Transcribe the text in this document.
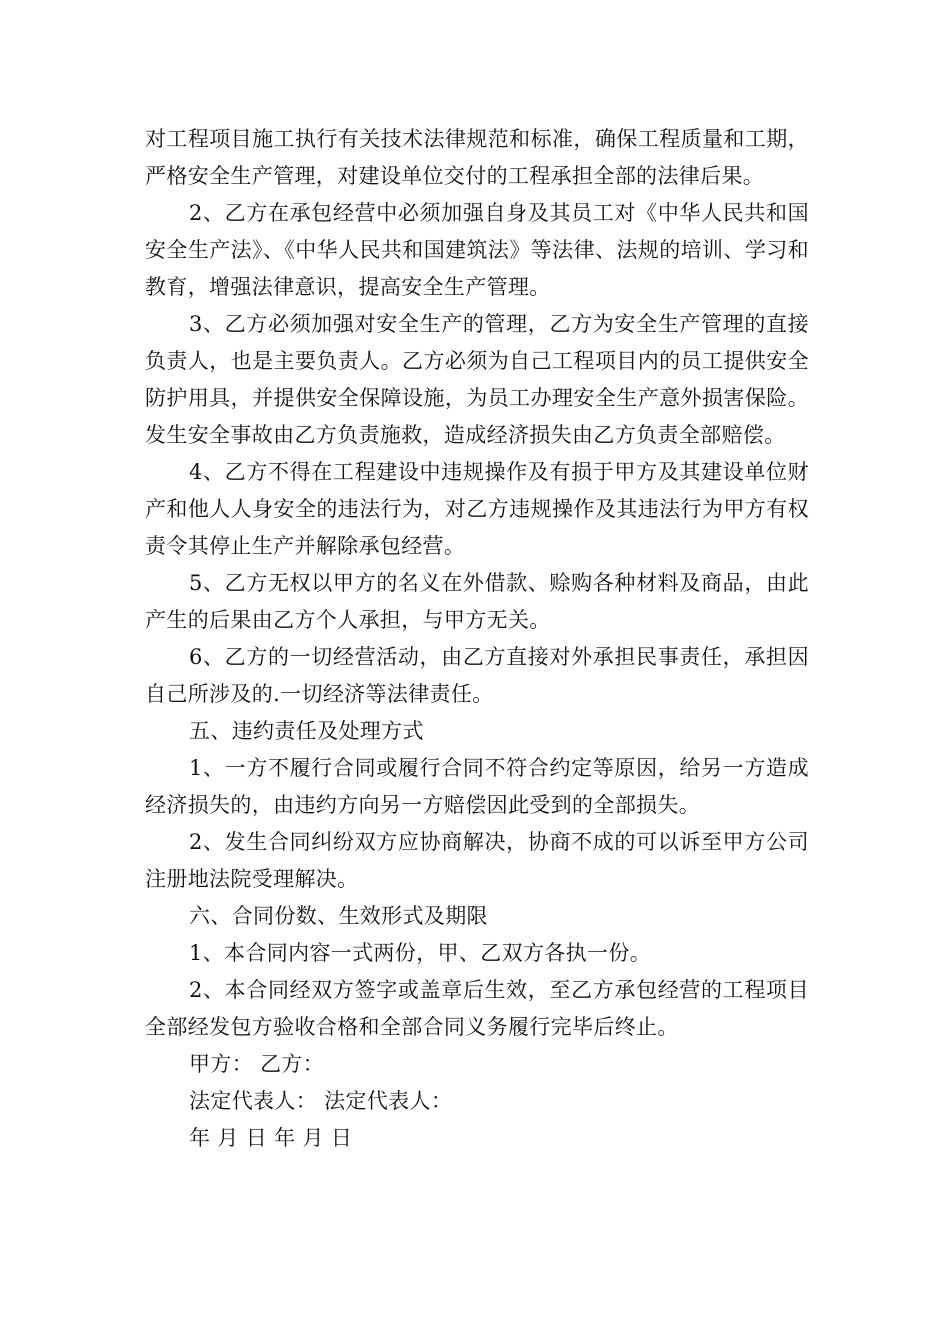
对工程项目施工执行有关技术法律规范和标准，确保工程质量和工期，严格安全生产管理，对建设单位交付的工程承担全部的法律后果。

2、乙方在承包经营中必须加强自身及其员工对《中华人民共和国安全生产法》、《中华人民共和国建筑法》等法律、法规的培训、学习和教育，增强法律意识，提高安全生产管理。

3、乙方必须加强对安全生产的管理，乙方为安全生产管理的直接负责人，也是主要负责人。乙方必须为自己工程项目内的员工提供安全防护用具，并提供安全保障设施，为员工办理安全生产意外损害保险。发生安全事故由乙方负责施救，造成经济损失由乙方负责全部赔偿。

4、乙方不得在工程建设中违规操作及有损于甲方及其建设单位财产和他人人身安全的违法行为，对乙方违规操作及其违法行为甲方有权责令其停止生产并解除承包经营。

5、乙方无权以甲方的名义在外借款、赊购各种材料及商品，由此产生的后果由乙方个人承担，与甲方无关。

6、乙方的一切经营活动，由乙方直接对外承担民事责任，承担因自己所涉及的.一切经济等法律责任。

五、违约责任及处理方式

1、一方不履行合同或履行合同不符合约定等原因，给另一方造成经济损失的，由违约方向另一方赔偿因此受到的全部损失。

2、发生合同纠纷双方应协商解决，协商不成的可以诉至甲方公司注册地法院受理解决。

六、合同份数、生效形式及期限

1、本合同内容一式两份，甲、乙双方各执一份。

2、本合同经双方签字或盖章后生效，至乙方承包经营的工程项目全部经发包方验收合格和全部合同义务履行完毕后终止。

甲方： 乙方：

法定代表人： 法定代表人：

年 月 日 年 月 日
